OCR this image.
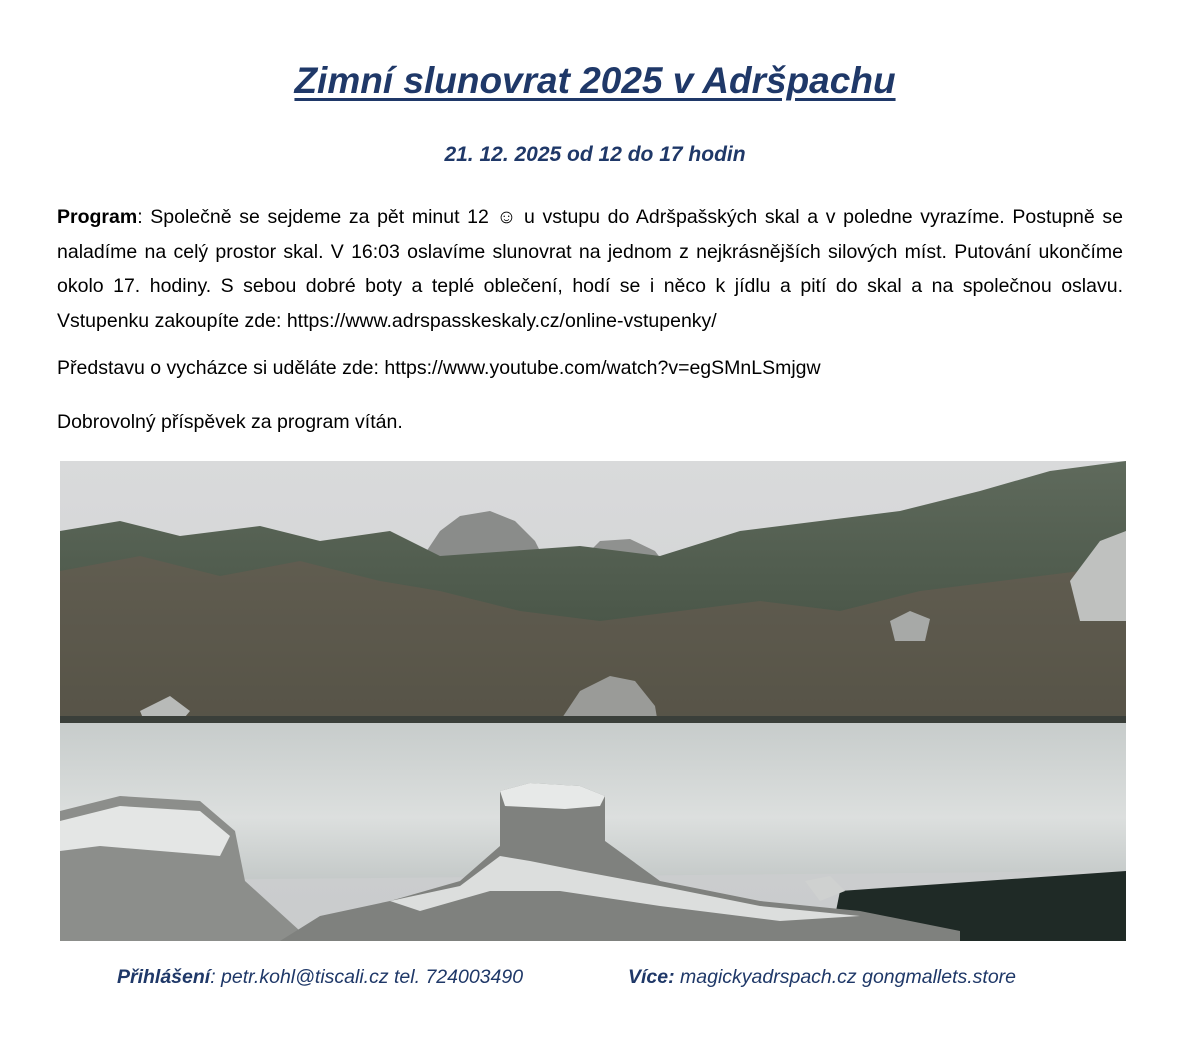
Zimní slunovrat 2025 v Adršpachu
21. 12. 2025 od 12 do 17 hodin
Program: Společně se sejdeme za pět minut 12 ☺ u vstupu do Adršpašských skal a v poledne vyrazíme. Postupně se naladíme na celý prostor skal. V 16:03 oslavíme slunovrat na jednom z nejkrásnějších silových míst. Putování ukončíme okolo 17. hodiny. S sebou dobré boty a teplé oblečení, hodí se i něco k jídlu a pití do skal a na společnou oslavu. Vstupenku zakoupíte zde: https://www.adrspasskeskaly.cz/online-vstupenky/
Představu o vycházce si uděláte zde: https://www.youtube.com/watch?v=egSMnLSmjgw
Dobrovolný příspěvek za program vítán.
Přihlášení: petr.kohl@tiscali.cz tel. 724003490	Více: magickyadrspach.cz gongmallets.store
